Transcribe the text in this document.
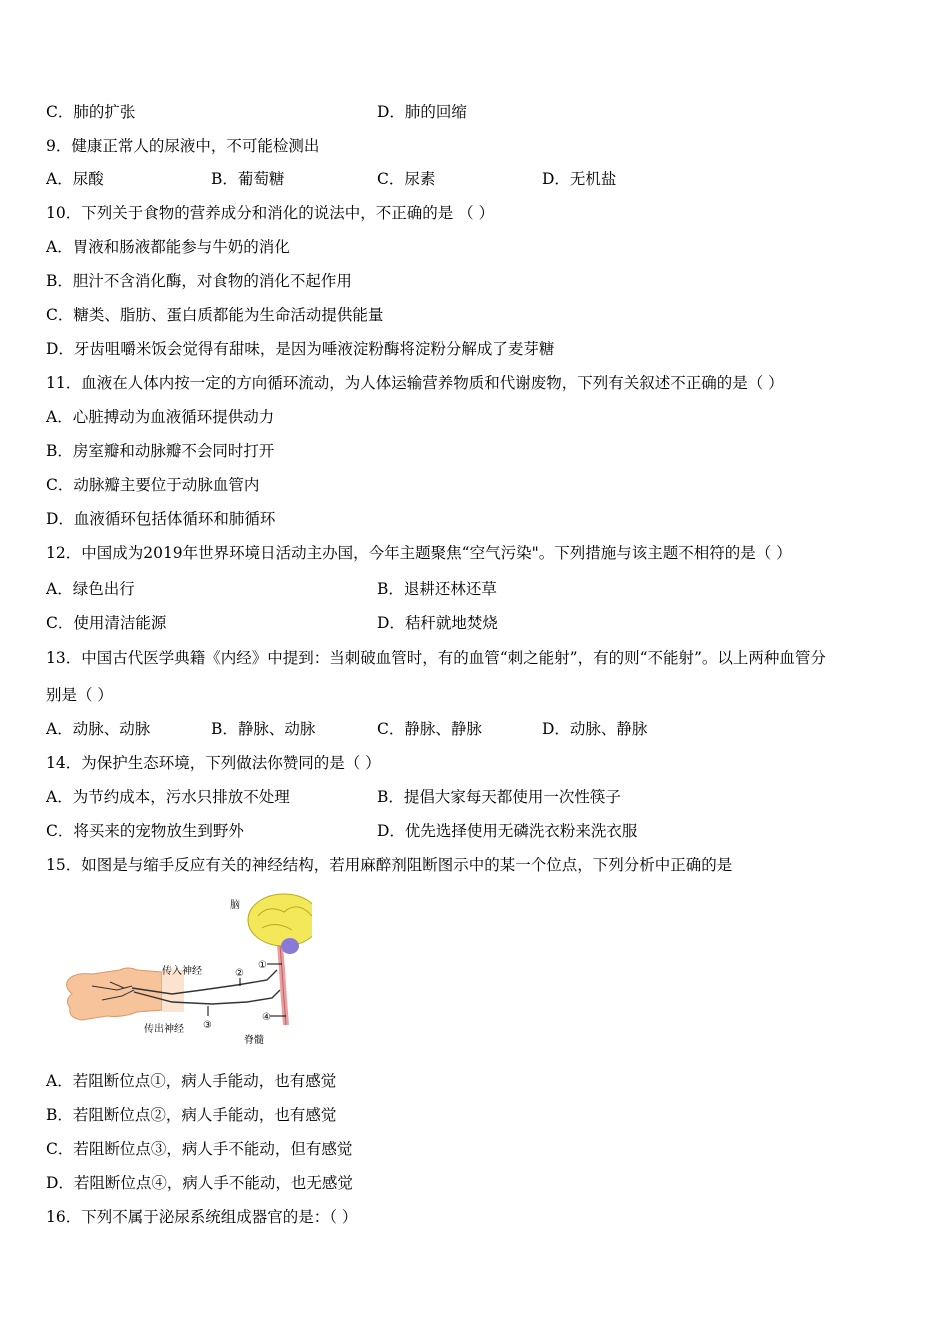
C．肺的扩张	D．肺的回缩
9．健康正常人的尿液中，不可能检测出
A．尿酸	B．葡萄糖	C．尿素	D．无机盐
10．下列关于食物的营养成分和消化的说法中，不正确的是 （ ）
A．胃液和肠液都能参与牛奶的消化
B．胆汁不含消化酶，对食物的消化不起作用
C．糖类、脂肪、蛋白质都能为生命活动提供能量
D．牙齿咀嚼米饭会觉得有甜味，是因为唾液淀粉酶将淀粉分解成了麦芽糖
11．血液在人体内按一定的方向循环流动，为人体运输营养物质和代谢废物，下列有关叙述不正确的是（ ）
A．心脏搏动为血液循环提供动力
B．房室瓣和动脉瓣不会同时打开
C．动脉瓣主要位于动脉血管内
D．血液循环包括体循环和肺循环
12．中国成为2019年世界环境日活动主办国，今年主题聚焦“空气污染"。下列措施与该主题不相符的是（ ）
A．绿色出行	B．退耕还林还草
C．使用清洁能源	D．秸秆就地焚烧
13．中国古代医学典籍《内经》中提到：当刺破血管时，有的血管“刺之能射”，有的则“不能射”。以上两种血管分
别是（ ）
A．动脉、动脉	B．静脉、动脉	C．静脉、静脉	D．动脉、静脉
14．为保护生态环境，下列做法你赞同的是（ ）
A．为节约成本，污水只排放不处理	B．提倡大家每天都使用一次性筷子
C．将买来的宠物放生到野外	D．优先选择使用无磷洗衣粉来洗衣服
15．如图是与缩手反应有关的神经结构，若用麻醉剂阻断图示中的某一个位点，下列分析中正确的是
A．若阻断位点①，病人手能动，也有感觉
B．若阻断位点②，病人手能动，也有感觉
C．若阻断位点③，病人手不能动，但有感觉
D．若阻断位点④，病人手不能动，也无感觉
16．下列不属于泌尿系统组成器官的是：（ ）
脑
传入神经
传出神经
脊髓
①
②
③
④
